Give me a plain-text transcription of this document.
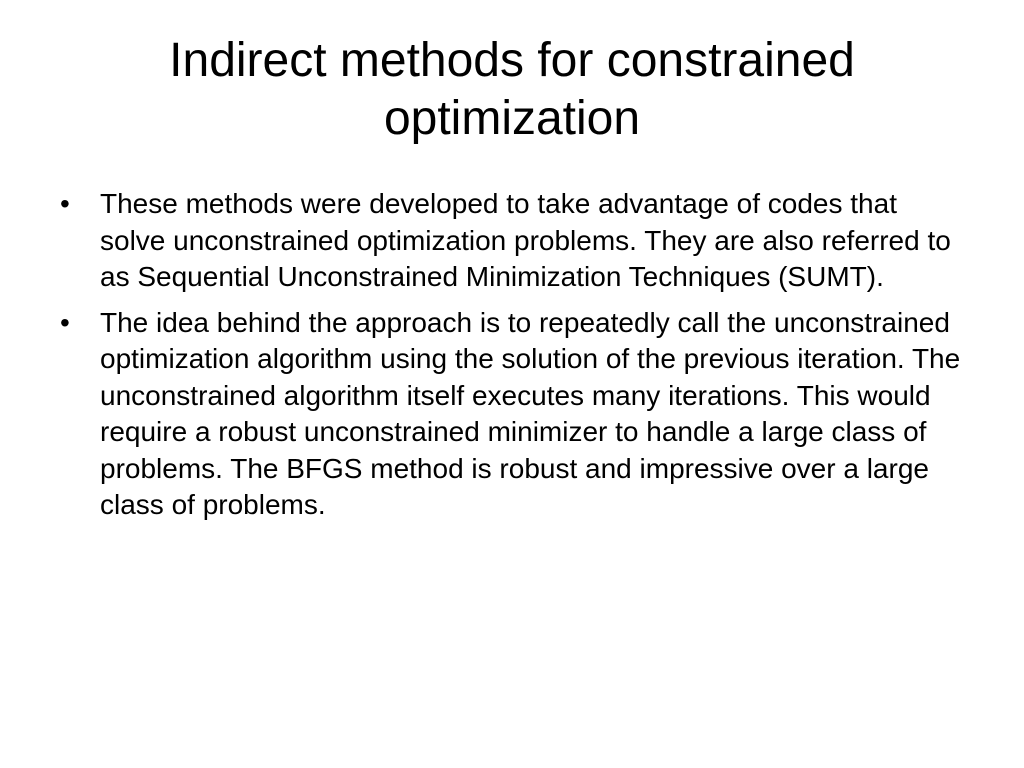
Indirect methods for constrained optimization
•	These methods were developed to take advantage of codes that solve unconstrained optimization problems. They are also referred to as Sequential Unconstrained Minimization Techniques (SUMT).
•	The idea behind the approach is to repeatedly call the unconstrained optimization algorithm using the solution of the previous iteration. The unconstrained algorithm itself executes many iterations. This would require a robust unconstrained minimizer to handle a large class of problems. The BFGS method is robust and impressive over a large class of problems.
